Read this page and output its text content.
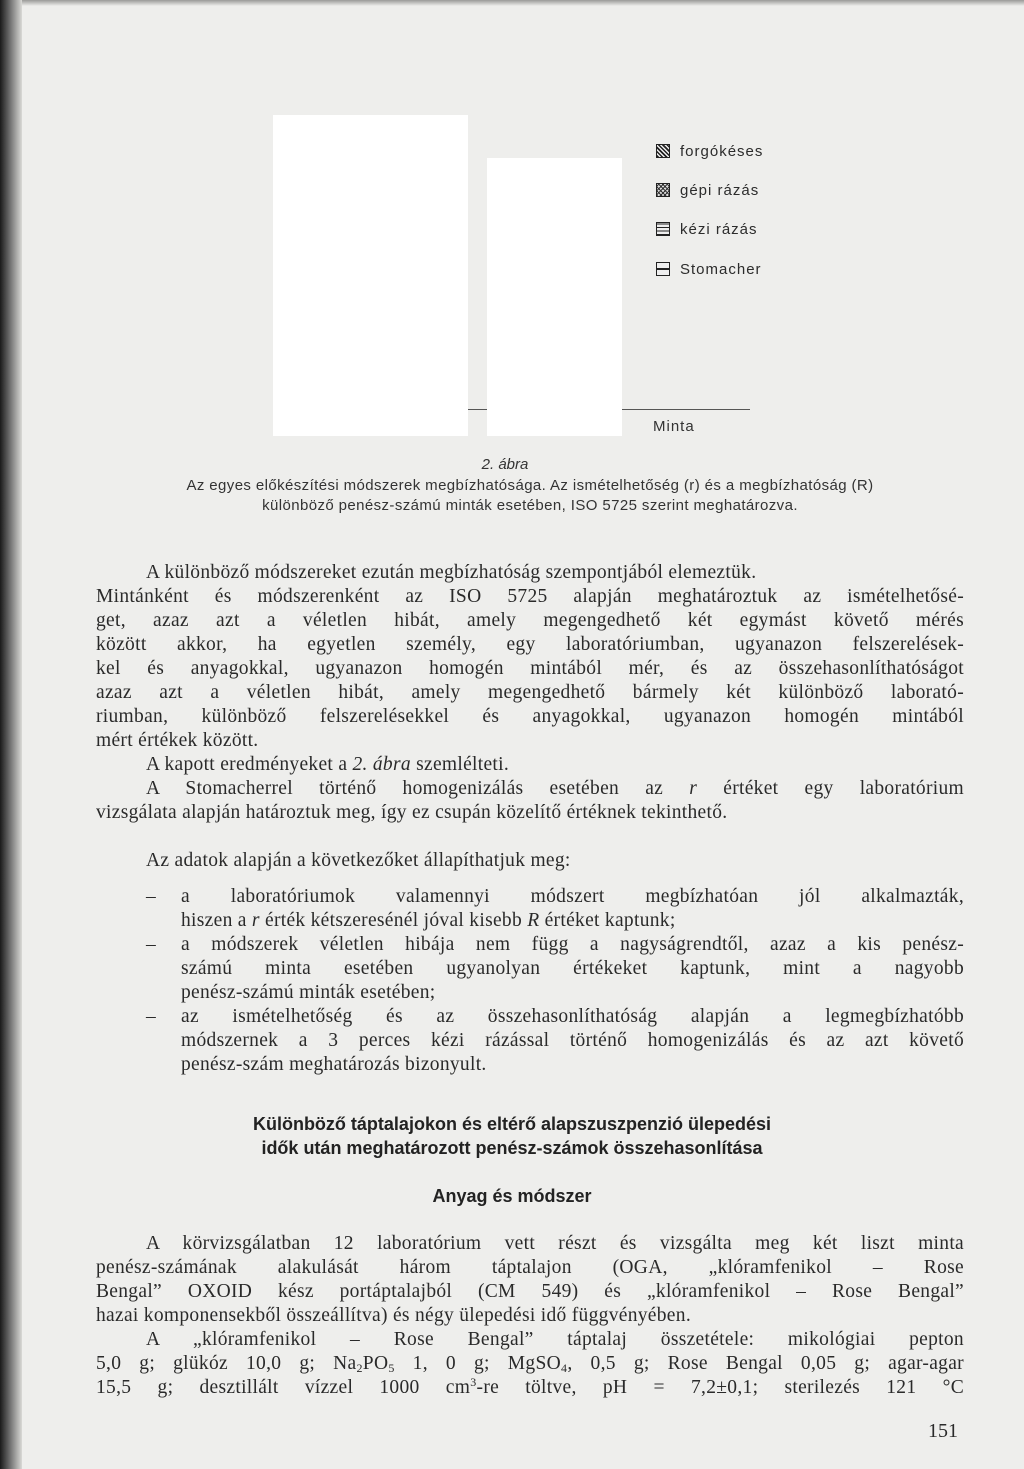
Minta
forgókéses
gépi rázás
kézi rázás
Stomacher
2. ábra
Az egyes előkészítési módszerek megbízhatósága. Az ismételhetőség (r) és a megbízhatóság (R)
különböző penész-számú minták esetében, ISO 5725 szerint meghatározva.
A különböző módszereket ezután megbízhatóság szempontjából elemeztük.
Mintánként és módszerenként az ISO 5725 alapján meghatároztuk az ismételhetősé-
get, azaz azt a véletlen hibát, amely megengedhető két egymást követő mérés
között akkor, ha egyetlen személy, egy laboratóriumban, ugyanazon felszerelések-
kel és anyagokkal, ugyanazon homogén mintából mér, és az összehasonlíthatóságot
azaz azt a véletlen hibát, amely megengedhető bármely két különböző laborató-
riumban, különböző felszerelésekkel és anyagokkal, ugyanazon homogén mintából
mért értékek között.
A kapott eredményeket a 2. ábra szemlélteti.
A Stomacherrel történő homogenizálás esetében az r értéket egy laboratórium
vizsgálata alapján határoztuk meg, így ez csupán közelítő értéknek tekinthető.
Az adatok alapján a következőket állapíthatjuk meg:
– a laboratóriumok valamennyi módszert megbízhatóan jól alkalmazták,
hiszen a r érték kétszeresénél jóval kisebb R értéket kaptunk;
– a módszerek véletlen hibája nem függ a nagyságrendtől, azaz a kis penész-
számú minta esetében ugyanolyan értékeket kaptunk, mint a nagyobb
penész-számú minták esetében;
– az ismételhetőség és az összehasonlíthatóság alapján a legmegbízhatóbb
módszernek a 3 perces kézi rázással történő homogenizálás és az azt követő
penész-szám meghatározás bizonyult.
Különböző táptalajokon és eltérő alapszuszpenzió ülepedési
idők után meghatározott penész-számok összehasonlítása
Anyag és módszer
A körvizsgálatban 12 laboratórium vett részt és vizsgálta meg két liszt minta
penész-számának alakulását három táptalajon (OGA, „klóramfenikol – Rose
Bengal” OXOID kész portáptalajból (CM 549) és „klóramfenikol – Rose Bengal”
hazai komponensekből összeállítva) és négy ülepedési idő függvényében.
A „klóramfenikol – Rose Bengal” táptalaj összetétele: mikológiai pepton
5,0 g; glükóz 10,0 g; $Na_2PO_5$ 1, 0 g; MgSO$_4$, 0,5 g; Rose Bengal 0,05 g; agar-agar
15,5 g; desztillált vízzel 1000 $cm^3-re$ töltve, pH = 7,2±0,1; sterilezés 121 °C
151
